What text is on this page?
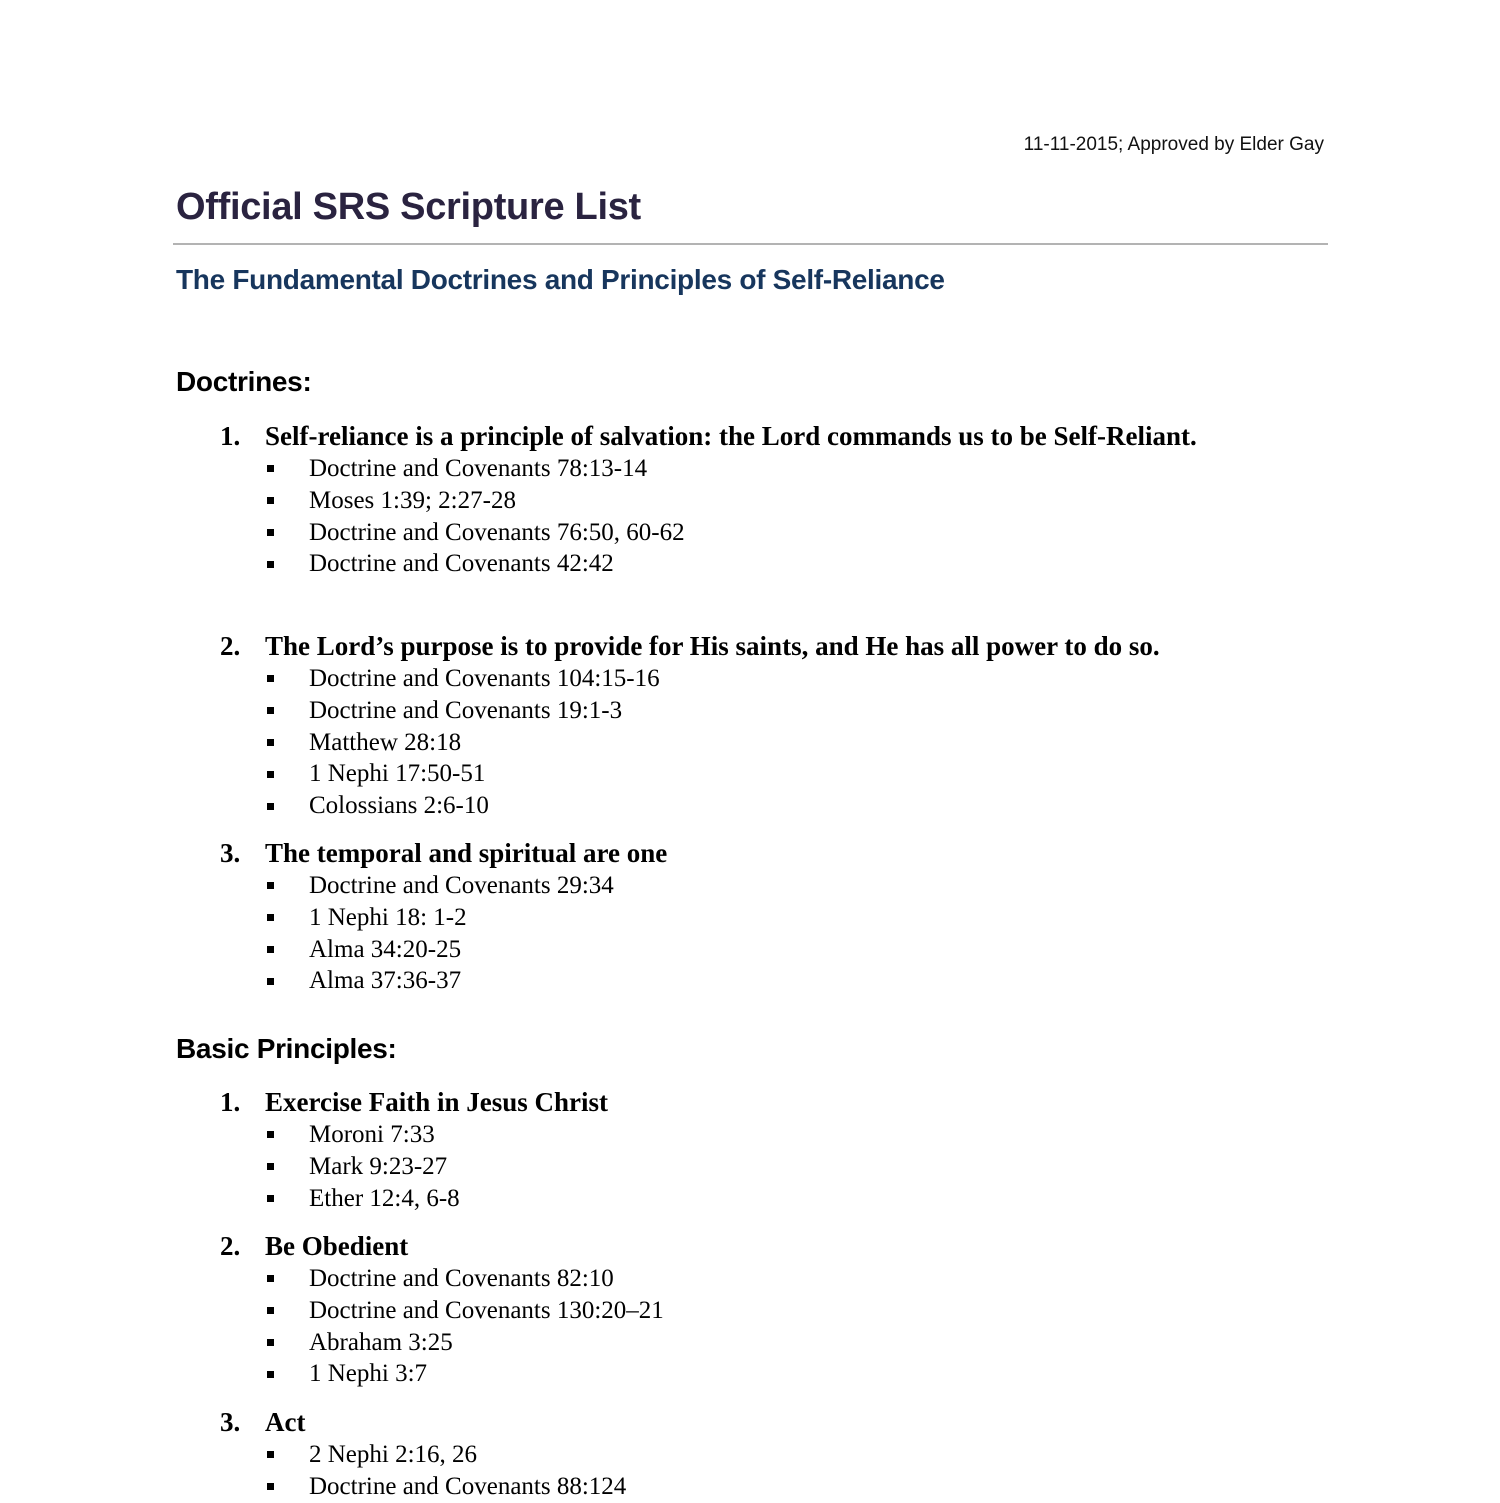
11-11-2015; Approved by Elder Gay
Official SRS Scripture List
The Fundamental Doctrines and Principles of Self-Reliance
Doctrines:
1. Self-reliance is a principle of salvation: the Lord commands us to be Self-Reliant.
Doctrine and Covenants 78:13-14
Moses 1:39; 2:27-28
Doctrine and Covenants 76:50, 60-62
Doctrine and Covenants 42:42
2. The Lord’s purpose is to provide for His saints, and He has all power to do so.
Doctrine and Covenants 104:15-16
Doctrine and Covenants 19:1-3
Matthew 28:18
1 Nephi 17:50-51
Colossians 2:6-10
3. The temporal and spiritual are one
Doctrine and Covenants 29:34
1 Nephi 18: 1-2
Alma 34:20-25
Alma 37:36-37
Basic Principles:
1. Exercise Faith in Jesus Christ
Moroni 7:33
Mark 9:23-27
Ether 12:4, 6-8
2. Be Obedient
Doctrine and Covenants 82:10
Doctrine and Covenants 130:20–21
Abraham 3:25
1 Nephi 3:7
3. Act
2 Nephi 2:16, 26
Doctrine and Covenants 88:124
